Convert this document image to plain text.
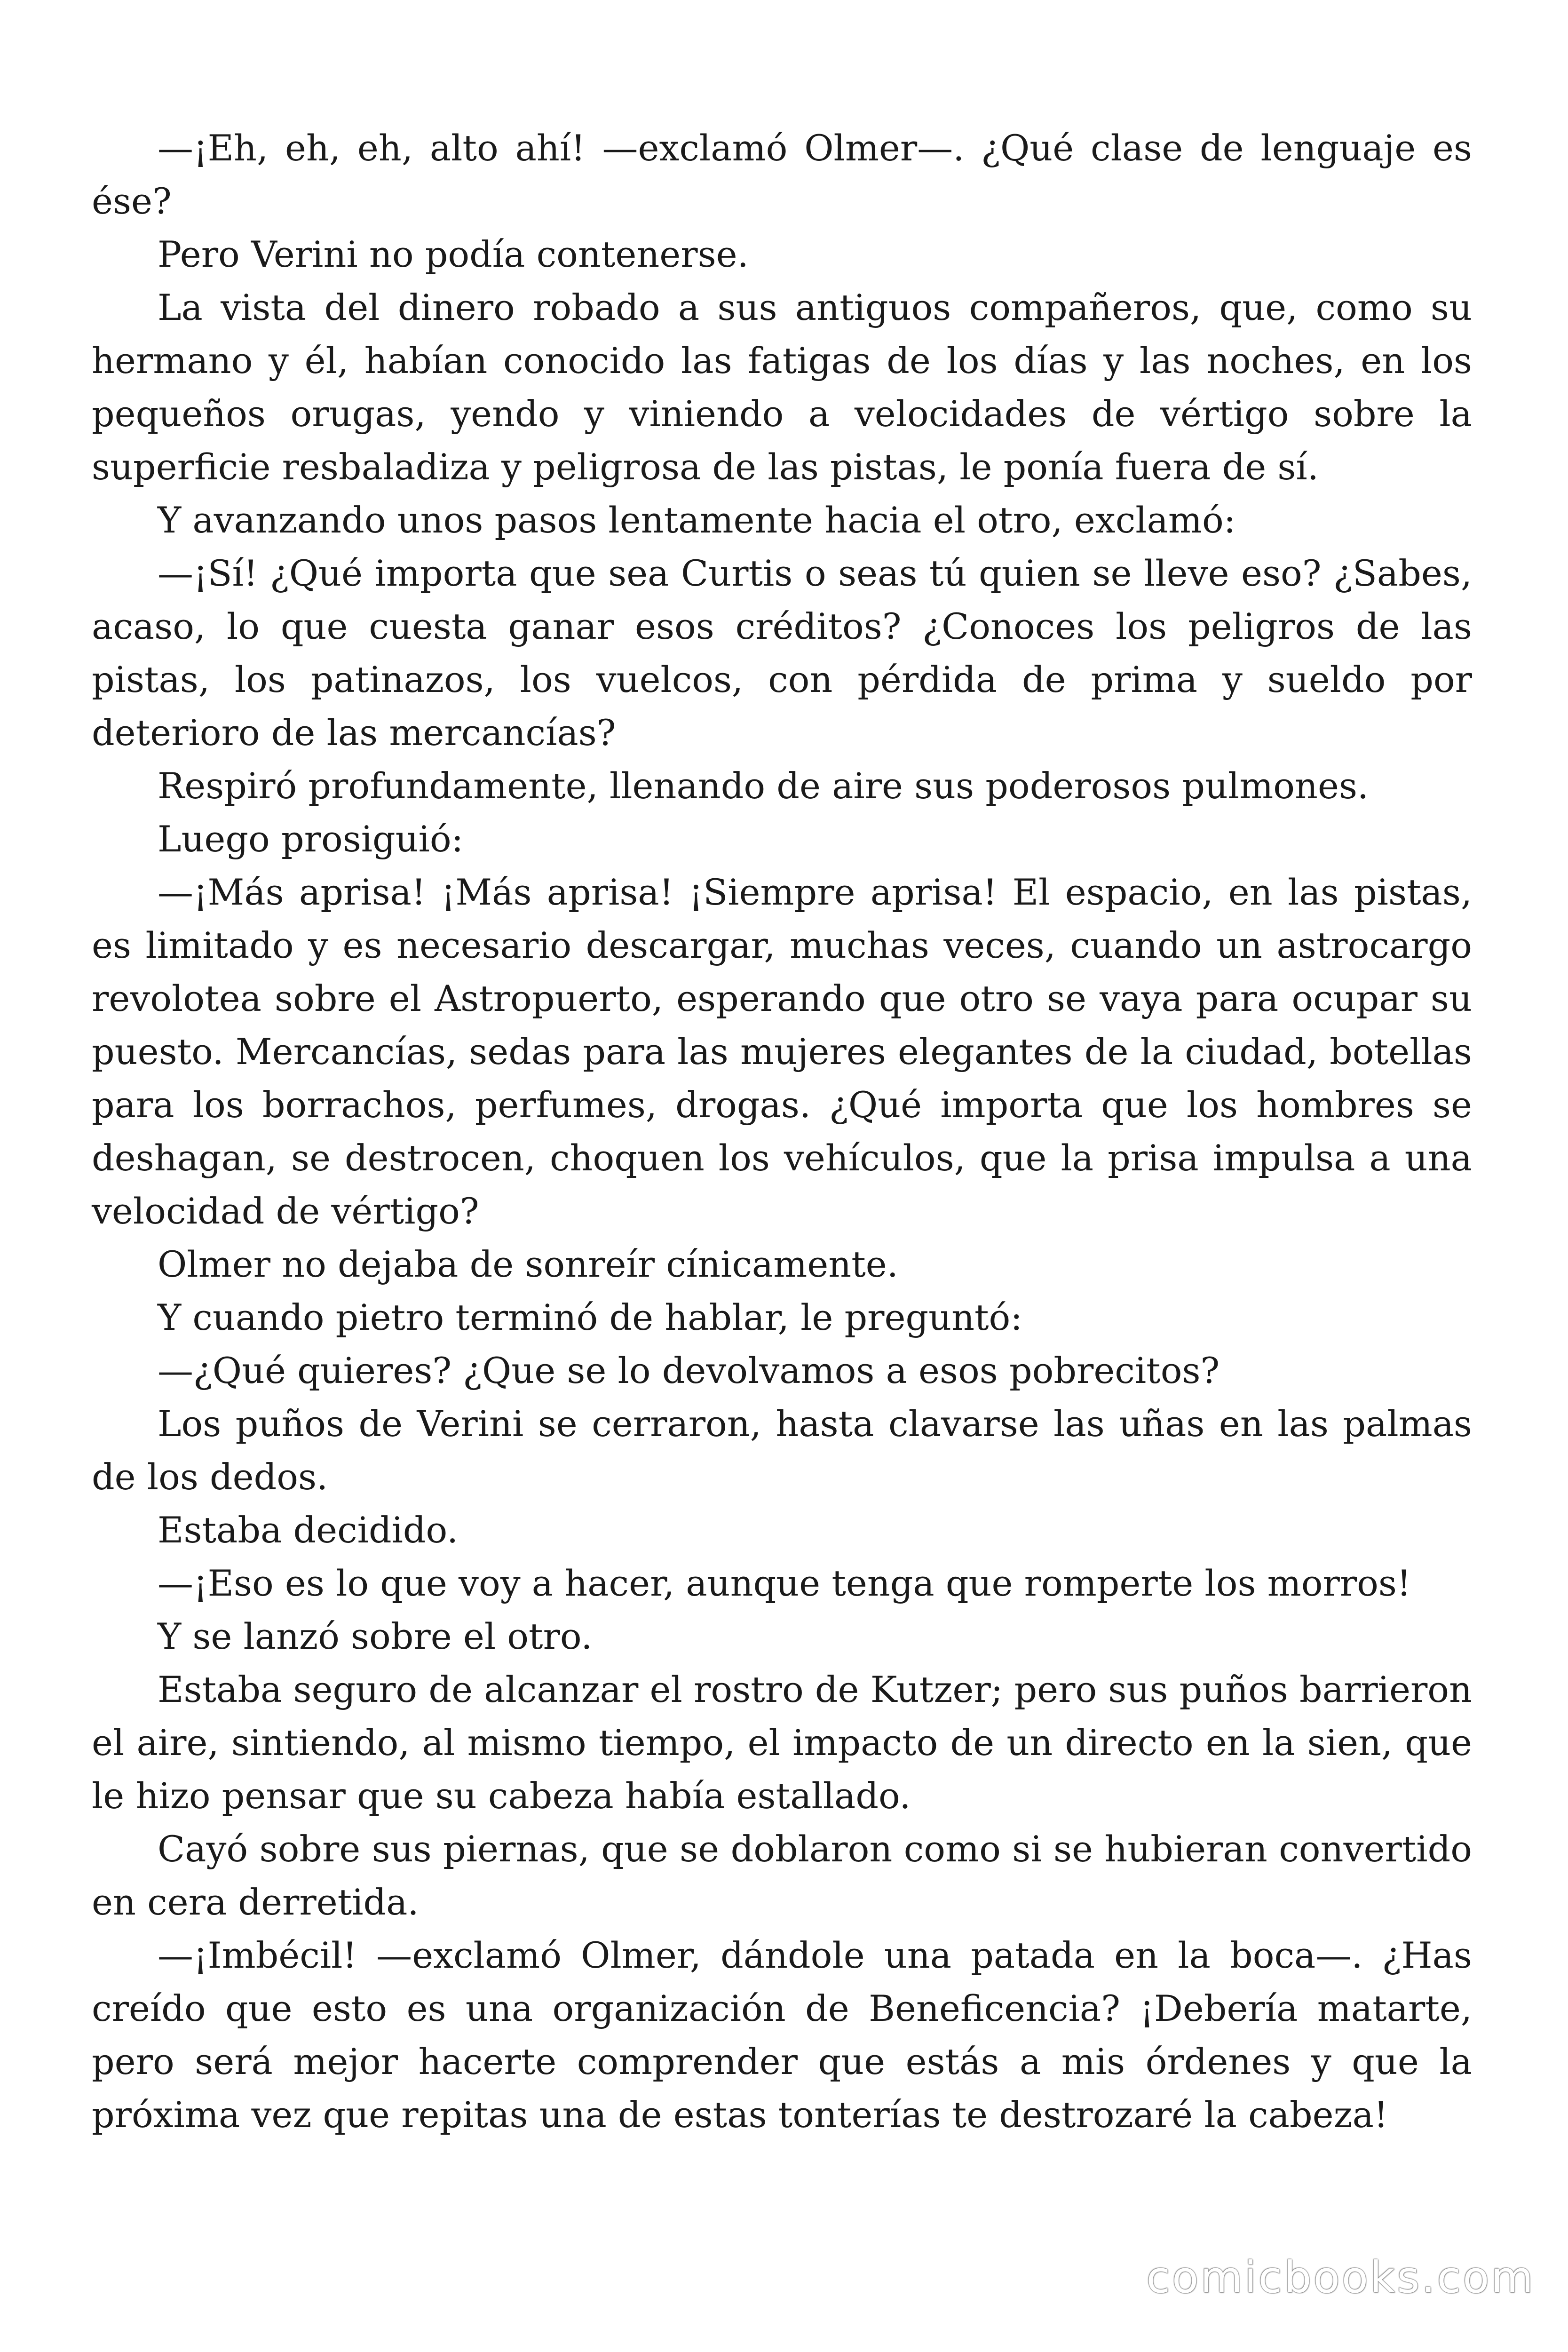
—¡Eh, eh, eh, alto ahí! —exclamó Olmer—. ¿Qué clase de lenguaje es ése?

Pero Verini no podía contenerse.

La vista del dinero robado a sus antiguos compañeros, que, como su hermano y él, habían conocido las fatigas de los días y las noches, en los pequeños orugas, yendo y viniendo a velocidades de vértigo sobre la superficie resbaladiza y peligrosa de las pistas, le ponía fuera de sí.

Y avanzando unos pasos lentamente hacia el otro, exclamó:

—¡Sí! ¿Qué importa que sea Curtis o seas tú quien se lleve eso? ¿Sabes, acaso, lo que cuesta ganar esos créditos? ¿Conoces los peligros de las pistas, los patinazos, los vuelcos, con pérdida de prima y sueldo por deterioro de las mercancías?

Respiró profundamente, llenando de aire sus poderosos pulmones.

Luego prosiguió:

—¡Más aprisa! ¡Más aprisa! ¡Siempre aprisa! El espacio, en las pistas, es limitado y es necesario descargar, muchas veces, cuando un astrocargo revolotea sobre el Astropuerto, esperando que otro se vaya para ocupar su puesto. Mercancías, sedas para las mujeres elegantes de la ciudad, botellas para los borrachos, perfumes, drogas. ¿Qué importa que los hombres se deshagan, se destrocen, choquen los vehículos, que la prisa impulsa a una velocidad de vértigo?

Olmer no dejaba de sonreír cínicamente.

Y cuando pietro terminó de hablar, le preguntó:

—¿Qué quieres? ¿Que se lo devolvamos a esos pobrecitos?

Los puños de Verini se cerraron, hasta clavarse las uñas en las palmas de los dedos.

Estaba decidido.

—¡Eso es lo que voy a hacer, aunque tenga que romperte los morros!

Y se lanzó sobre el otro.

Estaba seguro de alcanzar el rostro de Kutzer; pero sus puños barrieron el aire, sintiendo, al mismo tiempo, el impacto de un directo en la sien, que le hizo pensar que su cabeza había estallado.

Cayó sobre sus piernas, que se doblaron como si se hubieran convertido en cera derretida.

—¡Imbécil! —exclamó Olmer, dándole una patada en la boca—. ¿Has creído que esto es una organización de Beneficencia? ¡Debería matarte, pero será mejor hacerte comprender que estás a mis órdenes y que la próxima vez que repitas una de estas tonterías te destrozaré la cabeza!

comicbooks.com
